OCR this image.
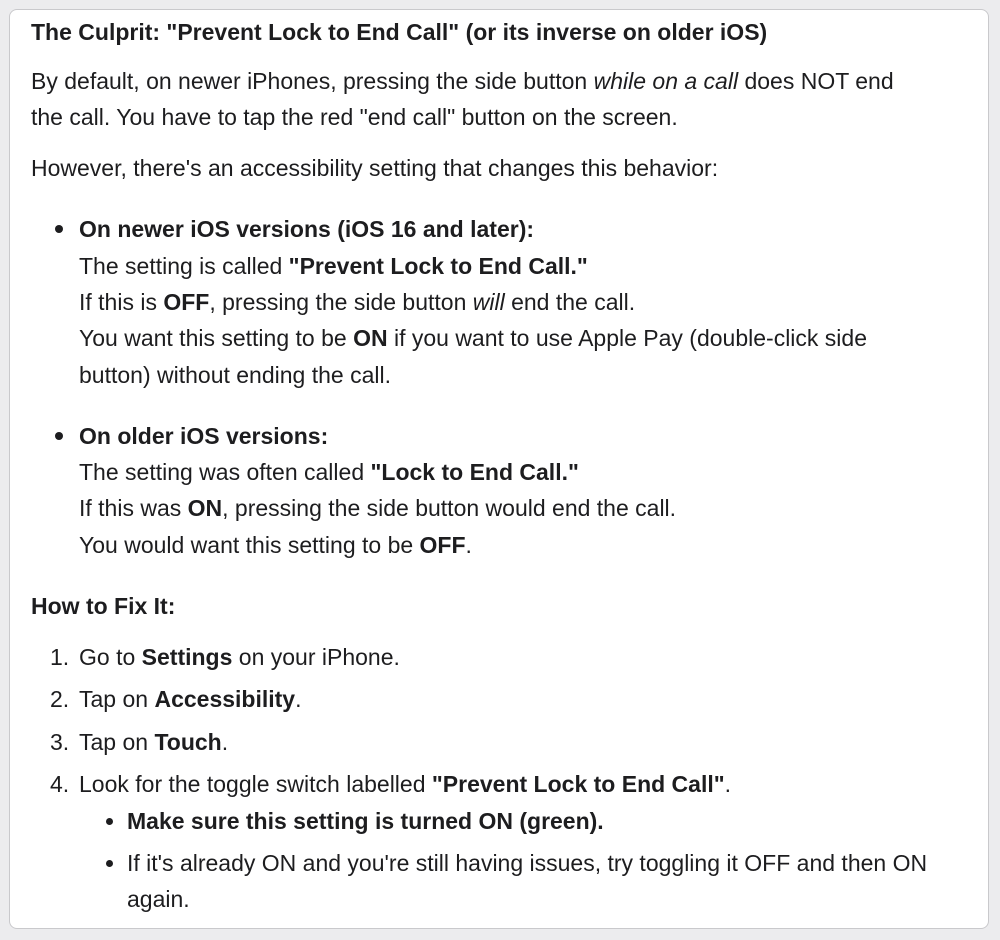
The Culprit: "Prevent Lock to End Call" (or its inverse on older iOS)
By default, on newer iPhones, pressing the side button while on a call does NOT end
the call. You have to tap the red "end call" button on the screen.
However, there's an accessibility setting that changes this behavior:
On newer iOS versions (iOS 16 and later):
The setting is called "Prevent Lock to End Call."
If this is OFF, pressing the side button will end the call.
You want this setting to be ON if you want to use Apple Pay (double-click side
button) without ending the call.
On older iOS versions:
The setting was often called "Lock to End Call."
If this was ON, pressing the side button would end the call.
You would want this setting to be OFF.
How to Fix It:
1. Go to Settings on your iPhone.
2. Tap on Accessibility.
3. Tap on Touch.
4. Look for the toggle switch labelled "Prevent Lock to End Call".
Make sure this setting is turned ON (green).
If it's already ON and you're still having issues, try toggling it OFF and then ON
again.
